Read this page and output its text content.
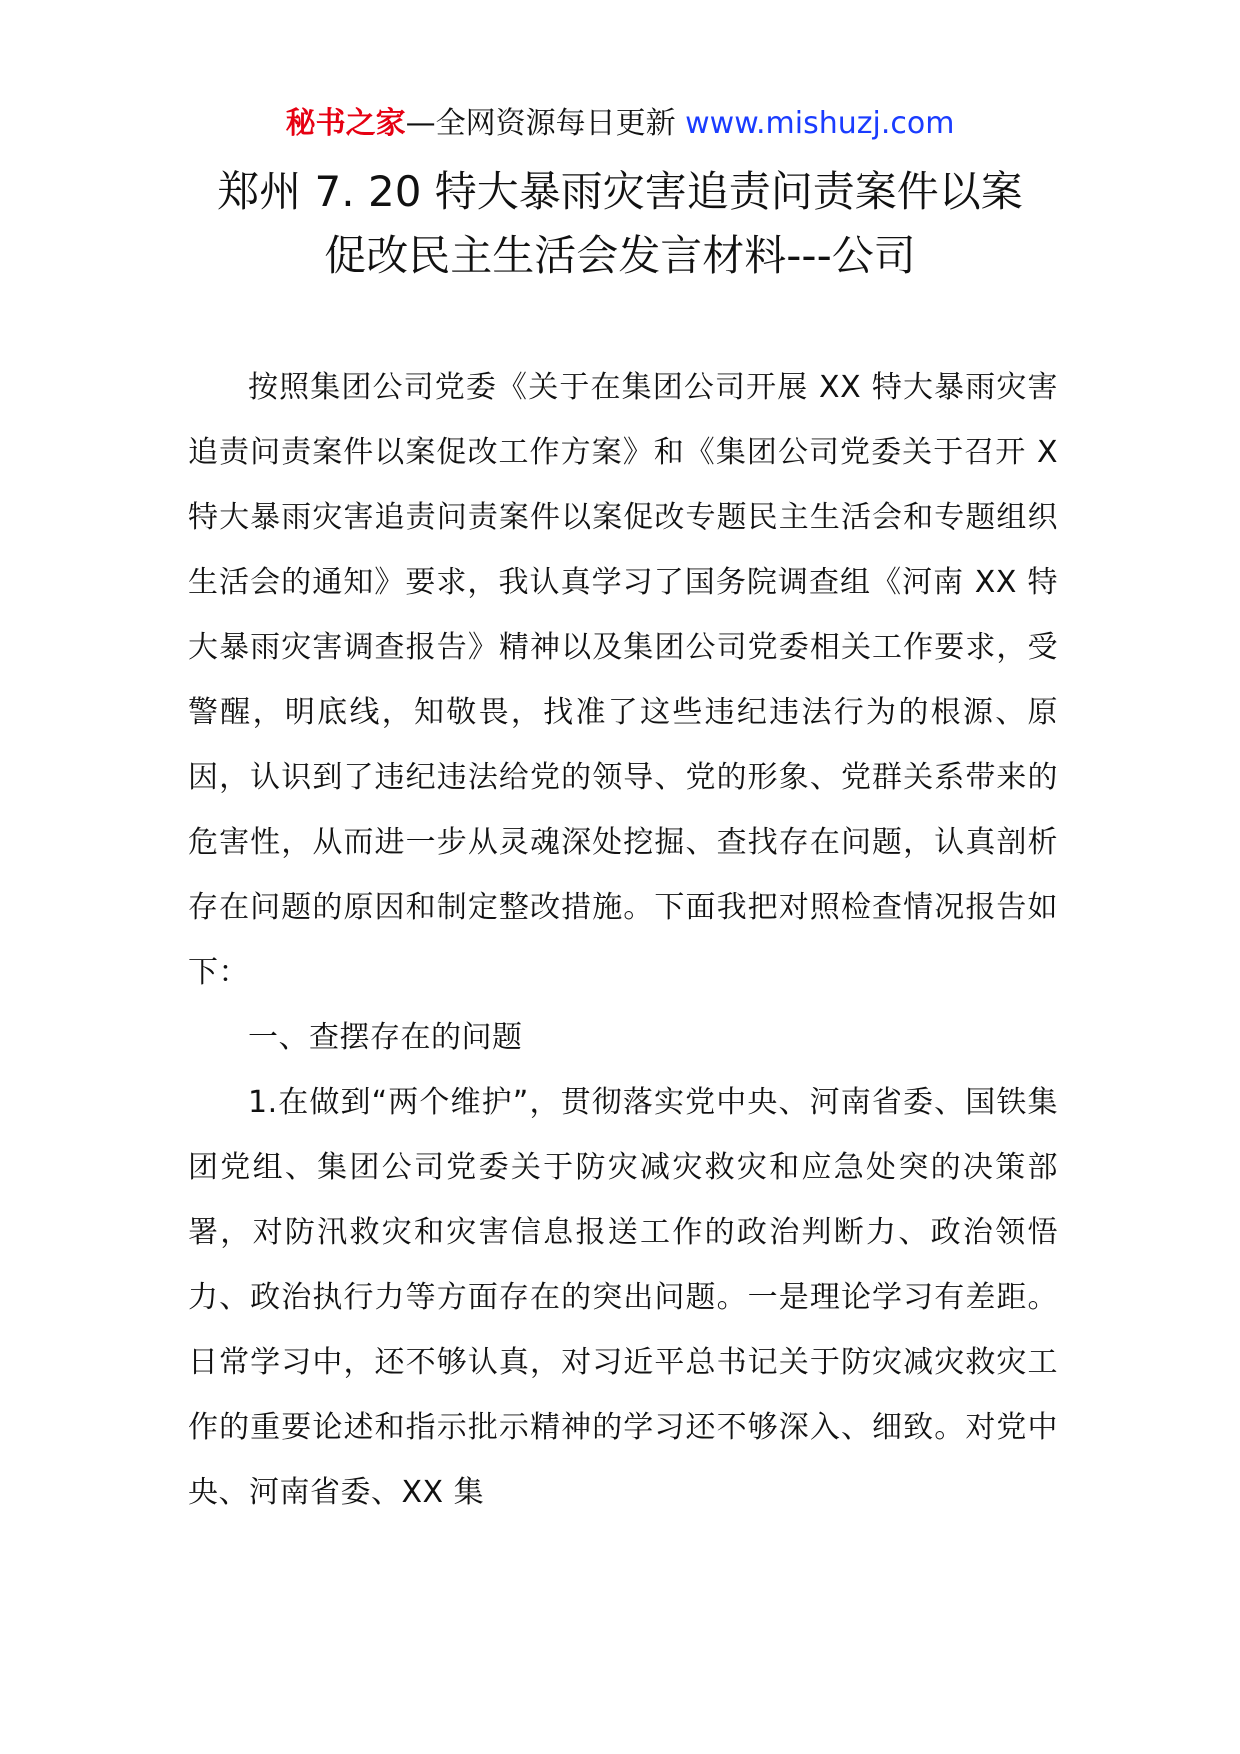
秘书之家—全网资源每日更新 www.mishuzj.com
郑州 7. 20 特大暴雨灾害追责问责案件以案
促改民主生活会发言材料---公司

按照集团公司党委《关于在集团公司开展 XX 特大暴雨灾害追责问责案件以案促改工作方案》和《集团公司党委关于召开 X 特大暴雨灾害追责问责案件以案促改专题民主生活会和专题组织生活会的通知》要求，我认真学习了国务院调查组《河南 XX 特大暴雨灾害调查报告》精神以及集团公司党委相关工作要求，受警醒，明底线，知敬畏，找准了这些违纪违法行为的根源、原因，认识到了违纪违法给党的领导、党的形象、党群关系带来的危害性，从而进一步从灵魂深处挖掘、查找存在问题，认真剖析存在问题的原因和制定整改措施。下面我把对照检查情况报告如下：

一、查摆存在的问题

1.在做到“两个维护”，贯彻落实党中央、河南省委、国铁集团党组、集团公司党委关于防灾减灾救灾和应急处突的决策部署，对防汛救灾和灾害信息报送工作的政治判断力、政治领悟力、政治执行力等方面存在的突出问题。一是理论学习有差距。日常学习中，还不够认真，对习近平总书记关于防灾减灾救灾工作的重要论述和指示批示精神的学习还不够深入、细致。对党中央、河南省委、XX 集
